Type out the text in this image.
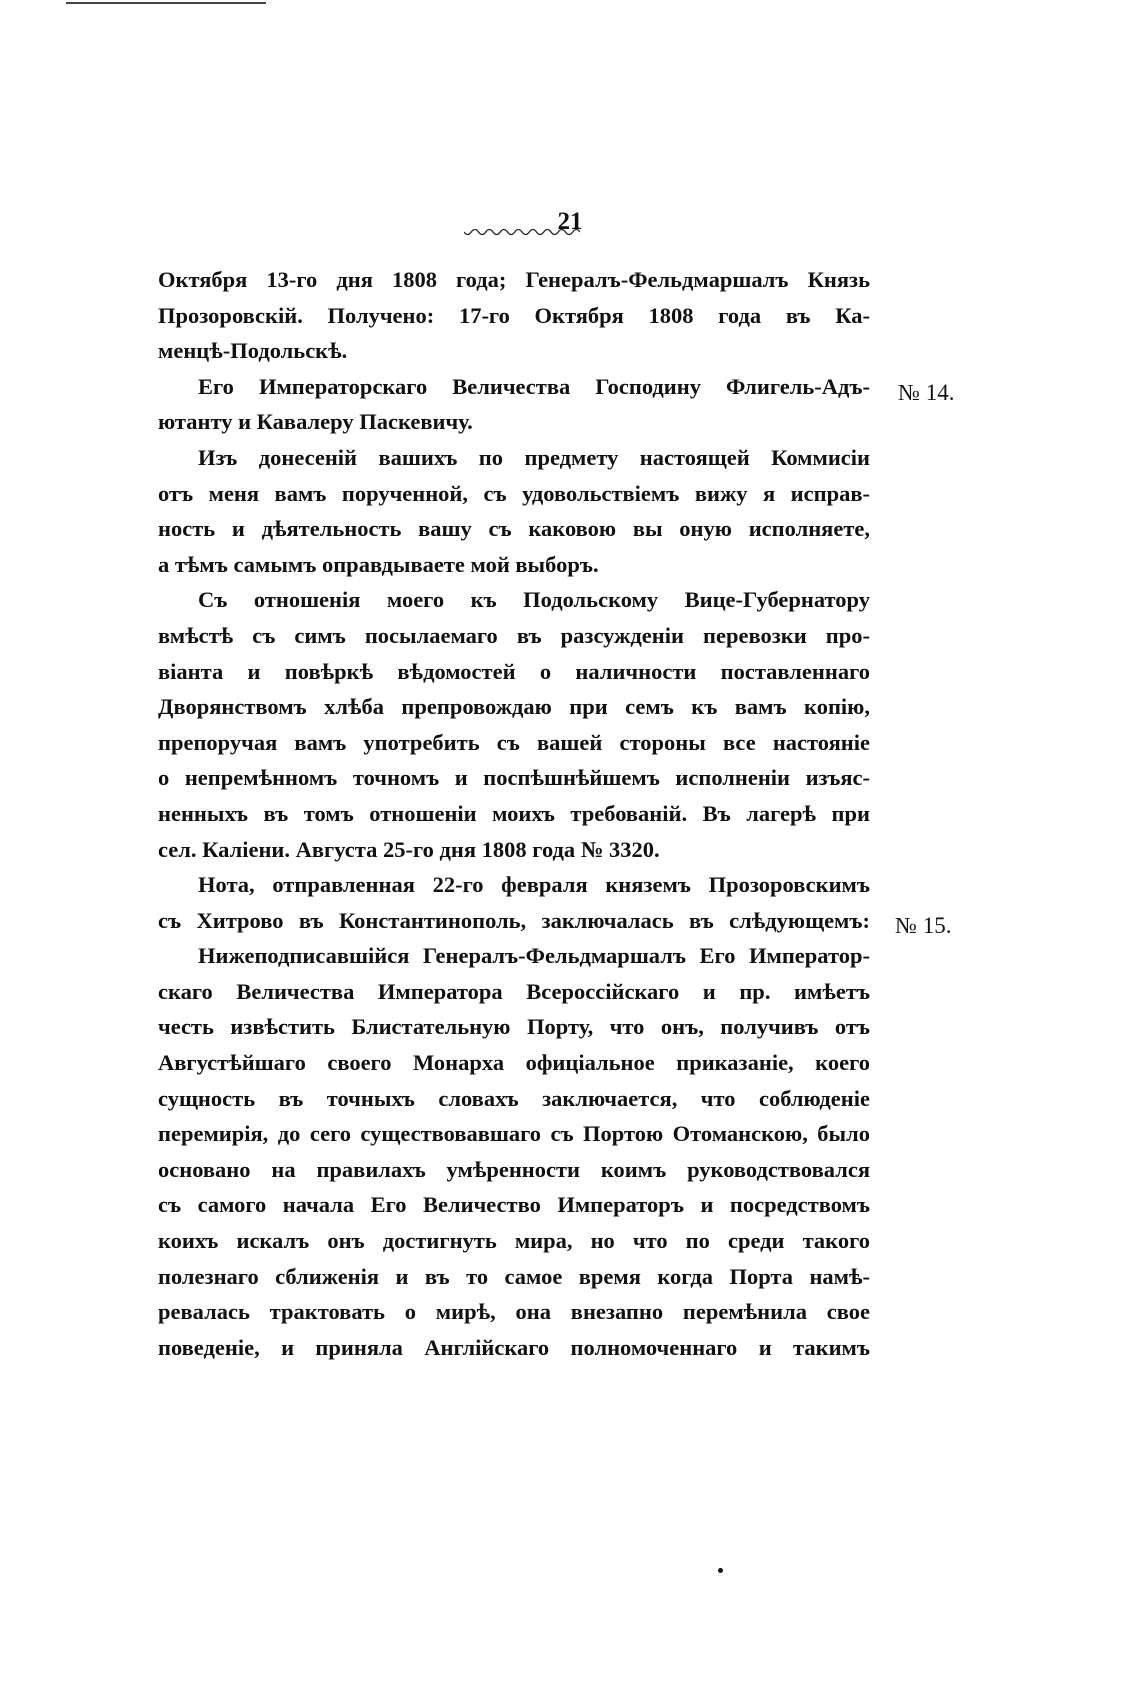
21
Октября 13-го дня 1808 года; Генералъ-Фельдмаршалъ Князь
Прозоровскій. Получено: 17-го Октября 1808 года въ Ка-
менцѣ-Подольскѣ.
Его Императорскаго Величества Господину Флигель-Адъ-
ютанту и Кавалеру Паскевичу.
Изъ донесеній вашихъ по предмету настоящей Коммисіи
отъ меня вамъ порученной, съ удовольствіемъ вижу я исправ-
ность и дѣятельность вашу съ каковою вы оную исполняете,
а тѣмъ самымъ оправдываете мой выборъ.
Съ отношенія моего къ Подольскому Вице-Губернатору
вмѣстѣ съ симъ посылаемаго въ разсужденіи перевозки про-
віанта и повѣркѣ вѣдомостей о наличности поставленнаго
Дворянствомъ хлѣба препровождаю при семъ къ вамъ копію,
препоручая вамъ употребить съ вашей стороны все настояніе
о непремѣнномъ точномъ и поспѣшнѣйшемъ исполненіи изъяс-
ненныхъ въ томъ отношеніи моихъ требованій. Въ лагерѣ при
сел. Каліени. Августа 25-го дня 1808 года № 3320.
Нота, отправленная 22-го февраля княземъ Прозоровскимъ
съ Хитрово въ Константинополь, заключалась въ слѣдующемъ:
Нижеподписавшійся Генералъ-Фельдмаршалъ Его Император-
скаго Величества Императора Всероссійскаго и пр. имѣетъ
честь извѣстить Блистательную Порту, что онъ, получивъ отъ
Августѣйшаго своего Монарха офиціальное приказаніе, коего
сущность въ точныхъ словахъ заключается, что соблюденіе
перемирія, до сего существовавшаго съ Портою Отоманскою, было
основано на правилахъ умѣренности коимъ руководствовался
съ самого начала Его Величество Императоръ и посредствомъ
коихъ искалъ онъ достигнуть мира, но что по среди такого
полезнаго сближенія и въ то самое время когда Порта намѣ-
ревалась трактовать о мирѣ, она внезапно перемѣнила свое
поведеніе, и приняла Англійскаго полномоченнаго и такимъ
№ 14.
№ 15.
